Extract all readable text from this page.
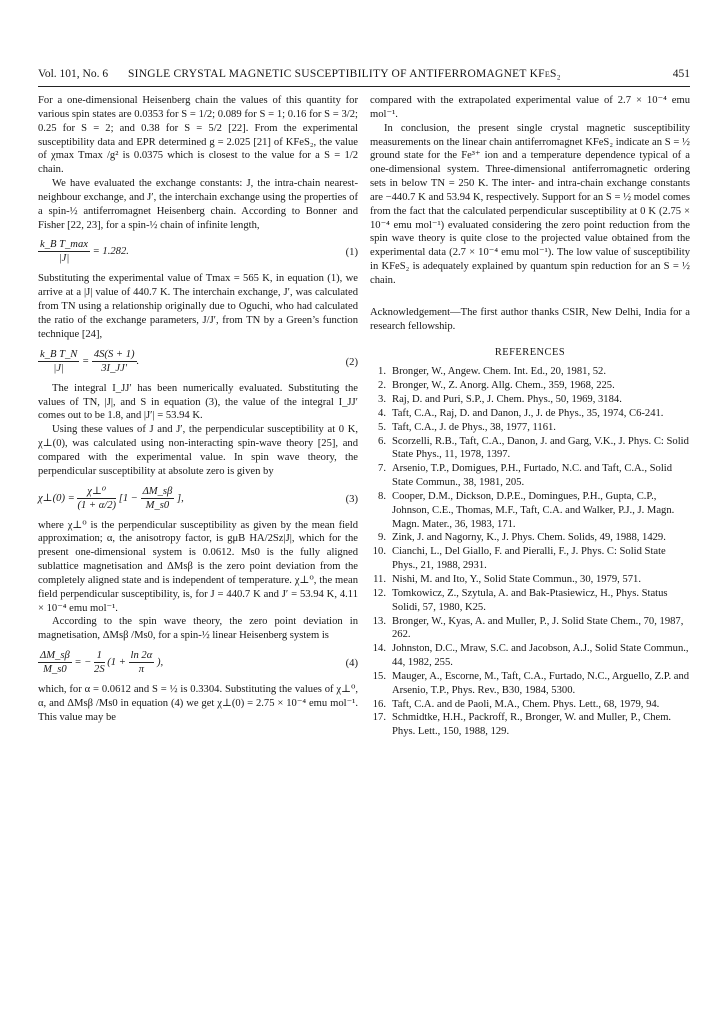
Vol. 101, No. 6 SINGLE CRYSTAL MAGNETIC SUSCEPTIBILITY OF ANTIFERROMAGNET KFeS₂	451

For a one-dimensional Heisenberg chain the values of this quantity for various spin states are 0.0353 for S = 1/2; 0.089 for S = 1; 0.16 for S = 3/2; 0.25 for S = 2; and 0.38 for S = 5/2 [22]. From the experimental susceptibility data and EPR determined g = 2.025 [21] of KFeS₂, the value of χmax Tmax /g² is 0.0375 which is closest to the value for a S = 1/2 chain.

We have evaluated the exchange constants: J, the intra-chain nearest-neighbour exchange, and J′, the interchain exchange using the properties of a spin-½ antiferromagnet Heisenberg chain. According to Bonner and Fisher [22, 23], for a spin-½ chain of infinite length,

$\frac{\text{k\_B T\_max}}{|J|} = 1.282$.	(1)

Substituting the experimental value of Tmax = 565 K, in equation (1), we arrive at a |J| value of 440.7 K. The interchain exchange, J′, was calculated from TN using a relationship originally due to Oguchi, who had calculated the ratio of the exchange parameters, J/J′, from TN by a Green’s function technique [24],

$\frac{\text{k\_B T\_N}}{|J|} = \frac{4S(S + 1)}{3I\_JJ'}$ .	(2)

The integral I_JJ′ has been numerically evaluated. Substituting the values of TN, |J|, and S in equation (3), the value of the integral I_JJ′ comes out to be 1.8, and |J′| = 53.94 K.

Using these values of J and J′, the perpendicular susceptibility at 0 K, χ⊥(0), was calculated using non-interacting spin-wave theory [25], and compared with the experimental value. In spin wave theory, the perpendicular susceptibility at absolute zero is given by

χ⊥(0) = $\frac{\text{χ⊥⁰}}{(1 + \alpha/2)} [1 - \frac{\Delta M\_s\beta}{M\_s0}$ ],	(3)

where χ⊥⁰ is the perpendicular susceptibility as given by the mean field approximation; α, the anisotropy factor, is gμB HA/2Sz|J|, which for the present one-dimensional system is 0.0612. Ms0 is the fully aligned sublattice magnetisation and ΔMsβ is the zero point deviation from the completely aligned state and is independent of temperature. χ⊥⁰, the mean field perpendicular susceptibility, is, for J = 440.7 K and J′ = 53.94 K, 4.11 × 10⁻⁴ emu mol⁻¹.

According to the spin wave theory, the zero point deviation in magnetisation, ΔMsβ /Ms0, for a spin-½ linear Heisenberg system is

$\frac{\Delta M\_s\beta}{M\_s0}$ = − $\frac{1}{2S} (1 + \frac{\ln 2\alpha}{\pi}$ ),	(4)

which, for α = 0.0612 and S = ½ is 0.3304. Substituting the values of χ⊥⁰, α, and ΔMsβ /Ms0 in equation (4) we get χ⊥(0) = 2.75 × 10⁻⁴ emu mol⁻¹. This value may be

compared with the extrapolated experimental value of 2.7 × 10⁻⁴ emu mol⁻¹.

In conclusion, the present single crystal magnetic susceptibility measurements on the linear chain antiferromagnet KFeS₂ indicate an S = ½ ground state for the Fe³⁺ ion and a temperature dependence typical of a one-dimensional system. Three-dimensional antiferromagnetic ordering sets in below TN = 250 K. The inter- and intra-chain exchange constants are −440.7 K and 53.94 K, respectively. Support for an S = ½ model comes from the fact that the calculated perpendicular susceptibility at 0 K (2.75 × 10⁻⁴ emu mol⁻¹) evaluated considering the zero point reduction from the spin wave theory is quite close to the projected value obtained from the experimental data (2.7 × 10⁻⁴ emu mol⁻¹). The low value of susceptibility in KFeS₂ is adequately explained by quantum spin reduction for an S = ½ chain.

Acknowledgement—The first author thanks CSIR, New Delhi, India for a research fellowship.

REFERENCES
1. Bronger, W., Angew. Chem. Int. Ed., 20, 1981, 52.
2. Bronger, W., Z. Anorg. Allg. Chem., 359, 1968, 225.
3. Raj, D. and Puri, S.P., J. Chem. Phys., 50, 1969, 3184.
4. Taft, C.A., Raj, D. and Danon, J., J. de Phys., 35, 1974, C6-241.
5. Taft, C.A., J. de Phys., 38, 1977, 1161.
6. Scorzelli, R.B., Taft, C.A., Danon, J. and Garg, V.K., J. Phys. C: Solid State Phys., 11, 1978, 1397.
7. Arsenio, T.P., Domigues, P.H., Furtado, N.C. and Taft, C.A., Solid State Commun., 38, 1981, 205.
8. Cooper, D.M., Dickson, D.P.E., Domingues, P.H., Gupta, C.P., Johnson, C.E., Thomas, M.F., Taft, C.A. and Walker, P.J., J. Magn. Magn. Mater., 36, 1983, 171.
9. Zink, J. and Nagorny, K., J. Phys. Chem. Solids, 49, 1988, 1429.
10. Cianchi, L., Del Giallo, F. and Pieralli, F., J. Phys. C: Solid State Phys., 21, 1988, 2931.
11. Nishi, M. and Ito, Y., Solid State Commun., 30, 1979, 571.
12. Tomkowicz, Z., Szytula, A. and Bak-Ptasiewicz, H., Phys. Status Solidi, 57, 1980, K25.
13. Bronger, W., Kyas, A. and Muller, P., J. Solid State Chem., 70, 1987, 262.
14. Johnston, D.C., Mraw, S.C. and Jacobson, A.J., Solid State Commun., 44, 1982, 255.
15. Mauger, A., Escorne, M., Taft, C.A., Furtado, N.C., Arguello, Z.P. and Arsenio, T.P., Phys. Rev., B30, 1984, 5300.
16. Taft, C.A. and de Paoli, M.A., Chem. Phys. Lett., 68, 1979, 94.
17. Schmidtke, H.H., Packroff, R., Bronger, W. and Muller, P., Chem. Phys. Lett., 150, 1988, 129.
